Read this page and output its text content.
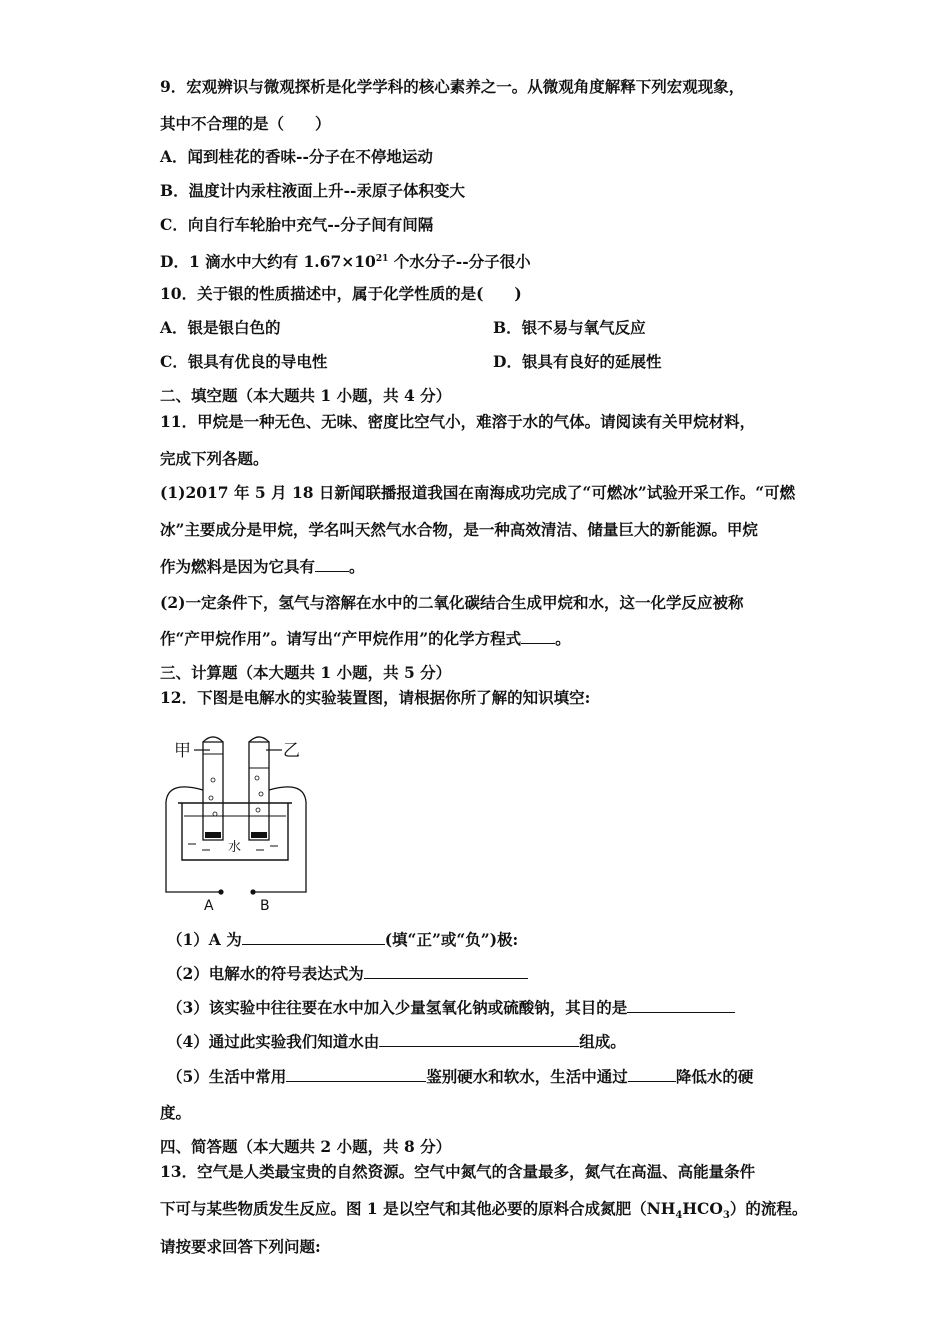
9．宏观辨识与微观探析是化学学科的核心素养之一。从微观角度解释下列宏观现象，
其中不合理的是（　　）
A．闻到桂花的香味--分子在不停地运动
B．温度计内汞柱液面上升--汞原子体积变大
C．向自行车轮胎中充气--分子间有间隔
D．1 滴水中大约有 $1.67\times 10^{21}$ 个水分子--分子很小
10．关于银的性质描述中，属于化学性质的是(　　)
A．银是银白色的	B．银不易与氧气反应
C．银具有优良的导电性	D．银具有良好的延展性
二、填空题（本大题共 1 小题，共 4 分）
11．甲烷是一种无色、无味、密度比空气小，难溶于水的气体。请阅读有关甲烷材料，
完成下列各题。
(1)2017 年 5 月 18 日新闻联播报道我国在南海成功完成了“可燃冰”试验开采工作。“可燃
冰”主要成分是甲烷，学名叫天然气水合物，是一种高效清洁、储量巨大的新能源。甲烷
作为燃料是因为它具有 。
(2)一定条件下，氢气与溶解在水中的二氧化碳结合生成甲烷和水，这一化学反应被称
作“产甲烷作用”。请写出“产甲烷作用”的化学方程式 。
三、计算题（本大题共 1 小题，共 5 分）
12．下图是电解水的实验装置图，请根据你所了解的知识填空:
甲	乙
水
A	B
（1）A 为	(填“正”或“负”)极:
（2）电解水的符号表达式为
（3）该实验中往往要在水中加入少量氢氧化钠或硫酸钠，其目的是
（4）通过此实验我们知道水由	组成。
（5）生活中常用	鉴别硬水和软水，生活中通过	降低水的硬
度。
四、简答题（本大题共 2 小题，共 8 分）
13．空气是人类最宝贵的自然资源。空气中氮气的含量最多，氮气在高温、高能量条件
下可与某些物质发生反应。图 1 是以空气和其他必要的原料合成氮肥$(NH_4HCO_3)$的流程。
请按要求回答下列问题:
